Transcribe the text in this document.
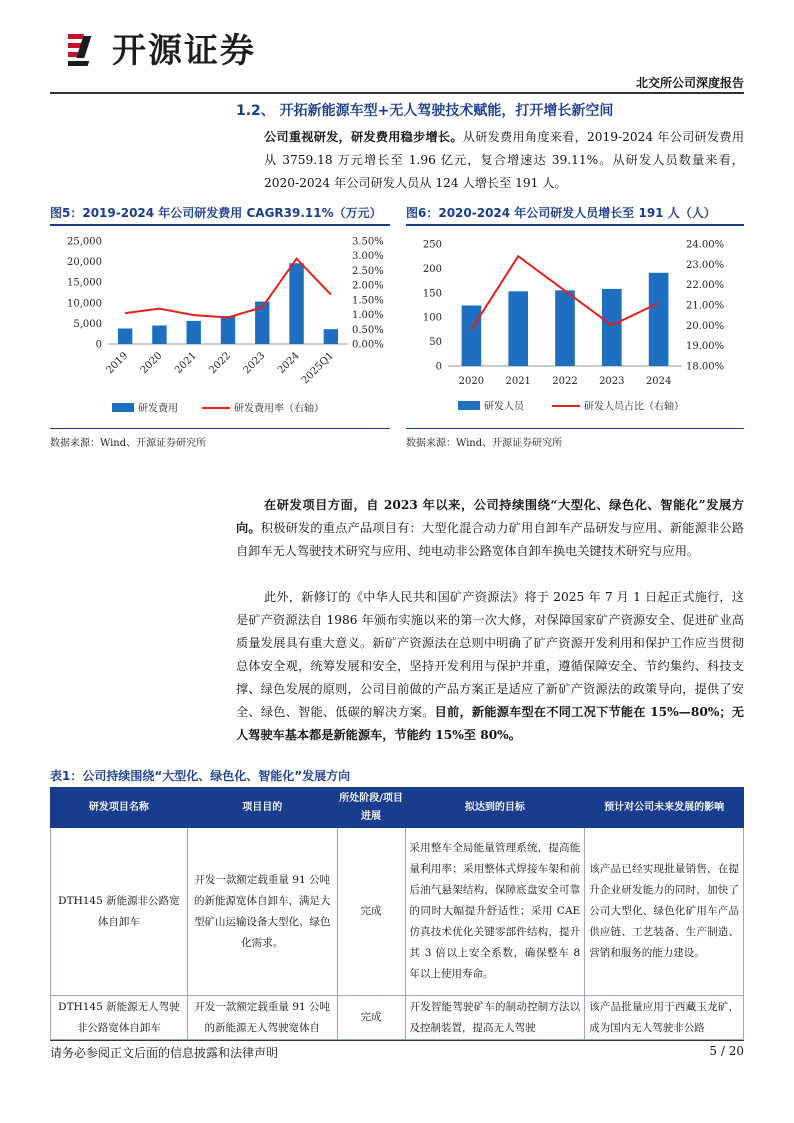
开源证券
北交所公司深度报告
1.2、 开拓新能源车型+无人驾驶技术赋能，打开增长新空间
公司重视研发，研发费用稳步增长。从研发费用角度来看，2019-2024 年公司研发费用从 3759.18 万元增长至 1.96 亿元，复合增速达 39.11%。从研发人员数量来看，2020-2024 年公司研发人员从 124 人增长至 191 人。
图5：2019-2024 年公司研发费用 CAGR39.11%（万元）
25,000
20,000
15,000
10,000
5,000
0
3.50%
3.00%
2.50%
2.00%
1.50%
1.00%
0.50%
0.00%
2019 2020 2021 2022 2023 2024
2025Q1
研发费用	研发费用率（右轴）
数据来源：Wind、开源证券研究所
图6：2020-2024 年公司研发人员增长至 191 人（人）
250
200
150
100
50
0
24.00%
23.00%
22.00%
21.00%
20.00%
19.00%
18.00%
2020 2021 2022 2023 2024
研发人员	研发人员占比（右轴）
数据来源：Wind、开源证券研究所
在研发项目方面，自 2023 年以来，公司持续围绕“大型化、绿色化、智能化”发展方向。积极研发的重点产品项目有：大型化混合动力矿用自卸车产品研发与应用、新能源非公路自卸车无人驾驶技术研究与应用、纯电动非公路宽体自卸车换电关键技术研究与应用。
此外，新修订的《中华人民共和国矿产资源法》将于 2025 年 7 月 1 日起正式施行，这是矿产资源法自 1986 年颁布实施以来的第一次大修，对保障国家矿产资源安全、促进矿业高质量发展具有重大意义。新矿产资源法在总则中明确了矿产资源开发利用和保护工作应当贯彻总体安全观，统筹发展和安全，坚持开发利用与保护并重，遵循保障安全、节约集约、科技支撑、绿色发展的原则，公司目前做的产品方案正是适应了新矿产资源法的政策导向，提供了安全、绿色、智能、低碳的解决方案。目前，新能源车型在不同工况下节能在 15%—80%；无人驾驶车基本都是新能源车，节能约 15%至 80%。
表1：公司持续围绕“大型化、绿色化、智能化”发展方向
研发项目名称	项目目的	所处阶段/项目进展	拟达到的目标	预计对公司未来发展的影响
DTH145 新能源非公路宽体自卸车	开发一款额定载重量 91 公吨的新能源宽体自卸车，满足大型矿山运输设备大型化、绿色化需求。	完成	采用整车全局能量管理系统，提高能量利用率；采用整体式焊接车架和前后油气悬架结构，保障底盘安全可靠的同时大幅提升舒适性；采用 CAE 仿真技术优化关键零部件结构，提升其 3 倍以上安全系数，确保整车 8 年以上使用寿命。	该产品已经实现批量销售，在提升企业研发能力的同时，加快了公司大型化、绿色化矿用车产品供应链、工艺装备、生产制造、营销和服务的能力建设。
DTH145 新能源无人驾驶非公路宽体自卸车	开发一款额定载重量 91 公吨的新能源无人驾驶宽体自	完成	开发智能驾驶矿车的制动控制方法以及控制装置，提高无人驾驶	该产品批量应用于西藏玉龙矿，成为国内无人驾驶非公路
请务必参阅正文后面的信息披露和法律声明	5 / 20
